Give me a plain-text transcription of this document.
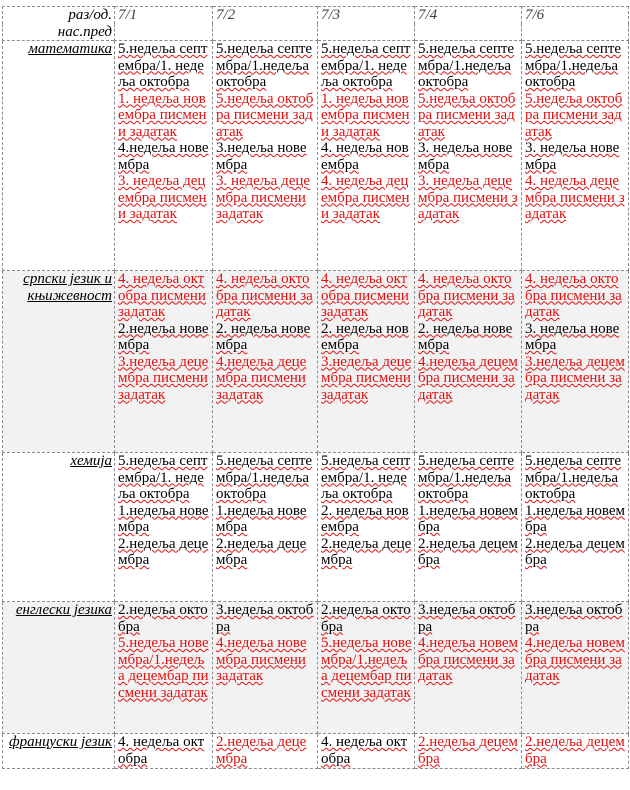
раз/од.	7/1	7/2	7/3	7/4	7/6
нас.пред					
математика	5.недеља септембра/1. недеља октобра
1. недеља новембра писмени задатак
4.недеља новембра
3. недеља децембра писмени задатак	5.недеља септембра/1.недеља октобра
5.недеља октобра писмени задатак
3.недеља новембра
3. недеља децембра писмени задатак	5.недеља септембра/1. недеља октобра
1. недеља новембра писмени задатак
4. недеља новембра
4. недеља децембра писмени задатак	5.недеља септембра/1.недеља октобра
5.недеља октобра писмени задатак
3. недеља новембра
3. недеља децембра писмени задатак	5.недеља септембра/1.недеља октобра
5.недеља октобра писмени задатак
3. недеља новембра
4. недеља децембра писмени задатак

српски језик и књижевност	4. недеља октобра писмени задатак
2.недеља новембра
3.недеља децембра писмени задатак	4. недеља октобра писмени задатак
2. недеља новембра
4.недеља децембра писмени задатак	4. недеља октобра писмени задатак
2. недеља новембра
3.недеља децембра писмени задатак	4. недеља октобра писмени задатак
2. недеља новембра
4.недеља децембра писмени задатак	4. недеља октобра писмени задатак
3. недеља новембра
3.недеља децембра писмени задатак

хемија	5.недеља септембра/1. недеља октобра
1.недеља новембра
2.недеља децембра	5.недеља септембра/1.недеља октобра
1.недеља новембра
2.недеља децембра	5.недеља септембра/1. недеља октобра
2. недеља новембра
2.недеља децембра	5.недеља септембра/1.недеља октобра
1.недеља новембра
2.недеља децембра	5.недеља септембра/1.недеља октобра
1.недеља новембра
2.недеља децембра

енглески језика	2.недеља октобра
5.недеља новембра/1.недеља децембар писмени задатак	3.недеља октобра
4.недеља новембра писмени задатак	2.недеља октобра
5.недеља новембра/1.недеља децембар писмени задатак	3.недеља октобра
4.недеља новембра писмени задатак	3.недеља октобра
4.недеља новембра писмени задатак

француски језик	4. недеља октобра	2.недеља децембра	4. недеља октобра	2.недеља децембра	2.недеља децембра
